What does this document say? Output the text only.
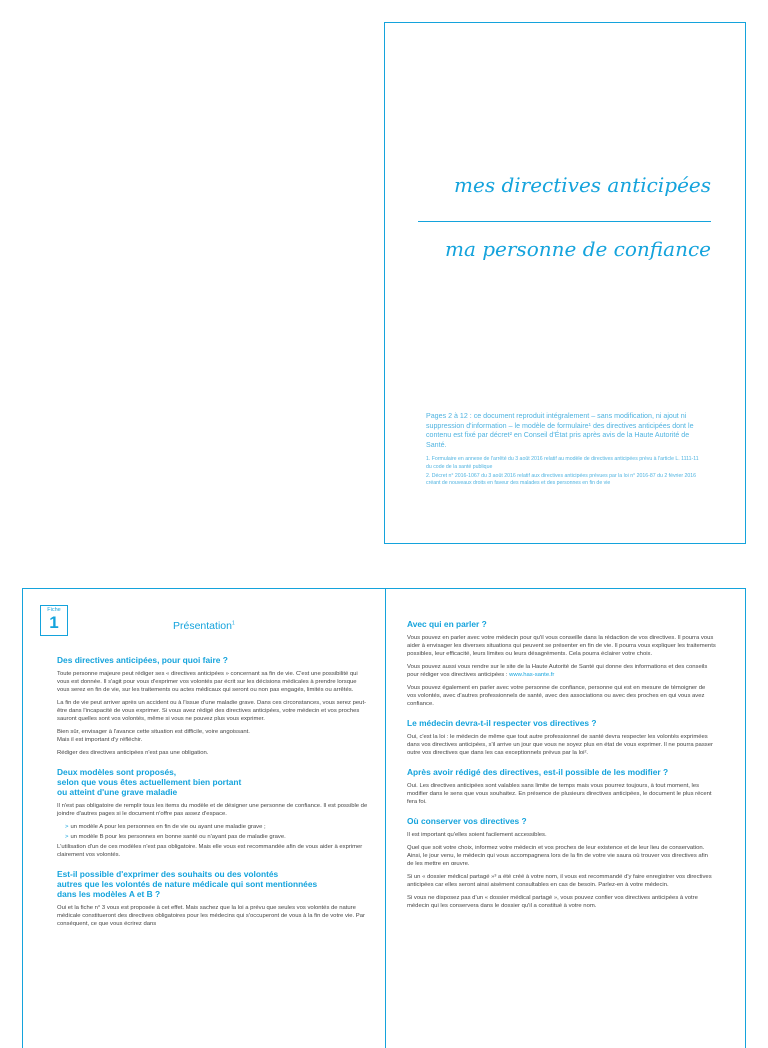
mes directives anticipées
ma personne de confiance
Pages 2 à 12 : ce document reproduit intégralement – sans modification, ni ajout ni suppression d'information – le modèle de formulaire¹ des directives anticipées dont le contenu est fixé par décret² en Conseil d'État pris après avis de la Haute Autorité de Santé.
1. Formulaire en annexe de l'arrêté du 3 août 2016 relatif au modèle de directives anticipées prévu à l'article L. 1111-11 du code de la santé publique
2. Décret n° 2016-1067 du 3 août 2016 relatif aux directives anticipées prévues par la loi n° 2016-87 du 2 février 2016 créant de nouveaux droits en faveur des malades et des personnes en fin de vie
Fiche
1	Présentation$^1$
Des directives anticipées, pour quoi faire ?

Toute personne majeure peut rédiger ses « directives anticipées » concernant sa fin de vie. C'est une possibilité qui vous est donnée. Il s'agit pour vous d'exprimer vos volontés par écrit sur les décisions médicales à prendre lorsque vous serez en fin de vie, sur les traitements ou actes médicaux qui seront ou non pas engagés, limités ou arrêtés.

La fin de vie peut arriver après un accident ou à l'issue d'une maladie grave. Dans ces circonstances, vous serez peut-être dans l'incapacité de vous exprimer. Si vous avez rédigé des directives anticipées, votre médecin et vos proches sauront quelles sont vos volontés, même si vous ne pouvez plus vous exprimer.

Bien sûr, envisager à l'avance cette situation est difficile, voire angoissant.
Mais il est important d'y réfléchir.

Rédiger des directives anticipées n'est pas une obligation.

Deux modèles sont proposés,
selon que vous êtes actuellement bien portant
ou atteint d'une grave maladie

Il n'est pas obligatoire de remplir tous les items du modèle et de désigner une personne de confiance. Il est possible de joindre d'autres pages si le document n'offre pas assez d'espace.

> un modèle A pour les personnes en fin de vie ou ayant une maladie grave ;
> un modèle B pour les personnes en bonne santé ou n'ayant pas de maladie grave.

L'utilisation d'un de ces modèles n'est pas obligatoire. Mais elle vous est recommandée afin de vous aider à exprimer clairement vos volontés.

Est-il possible d'exprimer des souhaits ou des volontés
autres que les volontés de nature médicale qui sont mentionnées
dans les modèles A et B ?

Oui et la fiche n° 3 vous est proposée à cet effet. Mais sachez que la loi a prévu que seules vos volontés de nature médicale constitueront des directives obligatoires pour les médecins qui s'occuperont de vous à la fin de votre vie. Par conséquent, ce que vous écrirez dans

Avec qui en parler ?

Vous pouvez en parler avec votre médecin pour qu'il vous conseille dans la rédaction de vos directives. Il pourra vous aider à envisager les diverses situations qui peuvent se présenter en fin de vie. Il pourra vous expliquer les traitements possibles, leur efficacité, leurs limites ou leurs désagréments. Cela pourra éclairer votre choix.

Vous pouvez aussi vous rendre sur le site de la Haute Autorité de Santé qui donne des informations et des conseils pour rédiger vos directives anticipées : www.has-sante.fr

Vous pouvez également en parler avec votre personne de confiance, personne qui est en mesure de témoigner de vos volontés, avec d'autres professionnels de santé, avec des associations ou avec des proches en qui vous avez confiance.

Le médecin devra-t-il respecter vos directives ?

Oui, c'est la loi : le médecin de même que tout autre professionnel de santé devra respecter les volontés exprimées dans vos directives anticipées, s'il arrive un jour que vous ne soyez plus en état de vous exprimer. Il ne pourra passer outre vos directives que dans les cas exceptionnels prévus par la loi².

Après avoir rédigé des directives, est-il possible de les modifier ?

Oui. Les directives anticipées sont valables sans limite de temps mais vous pourrez toujours, à tout moment, les modifier dans le sens que vous souhaitez. En présence de plusieurs directives anticipées, le document le plus récent fera foi.

Où conserver vos directives ?

Il est important qu'elles soient facilement accessibles.

Quel que soit votre choix, informez votre médecin et vos proches de leur existence et de leur lieu de conservation. Ainsi, le jour venu, le médecin qui vous accompagnera lors de la fin de votre vie saura où trouver vos directives afin de les mettre en œuvre.

Si un « dossier médical partagé »³ a été créé à votre nom, il vous est recommandé d'y faire enregistrer vos directives anticipées car elles seront ainsi aisément consultables en cas de besoin. Parlez-en à votre médecin.

Si vous ne disposez pas d'un « dossier médical partagé », vous pouvez confier vos directives anticipées à votre médecin qui les conservera dans le dossier qu'il a constitué à votre nom.
